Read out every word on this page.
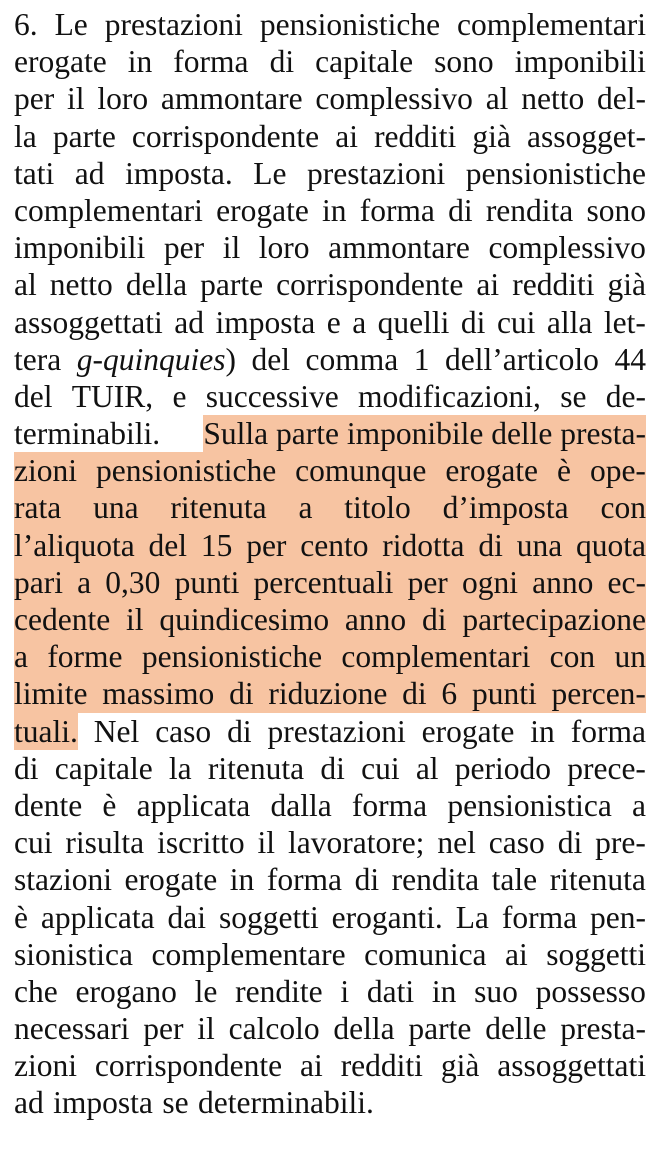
6. Le prestazioni pensionistiche complementari
erogate in forma di capitale sono imponibili
per il loro ammontare complessivo al netto del-
la parte corrispondente ai redditi già assogget-
tati ad imposta. Le prestazioni pensionistiche
complementari erogate in forma di rendita sono
imponibili per il loro ammontare complessivo
al netto della parte corrispondente ai redditi già
assoggettati ad imposta e a quelli di cui alla let-
tera g-quinquies) del comma 1 dell’articolo 44
del TUIR, e successive modificazioni, se de-
terminabili. Sulla parte imponibile delle presta-
zioni pensionistiche comunque erogate è ope-
rata una ritenuta a titolo d’imposta con
l’aliquota del 15 per cento ridotta di una quota
pari a 0,30 punti percentuali per ogni anno ec-
cedente il quindicesimo anno di partecipazione
a forme pensionistiche complementari con un
limite massimo di riduzione di 6 punti percen-
tuali. Nel caso di prestazioni erogate in forma
di capitale la ritenuta di cui al periodo prece-
dente è applicata dalla forma pensionistica a
cui risulta iscritto il lavoratore; nel caso di pre-
stazioni erogate in forma di rendita tale ritenuta
è applicata dai soggetti eroganti. La forma pen-
sionistica complementare comunica ai soggetti
che erogano le rendite i dati in suo possesso
necessari per il calcolo della parte delle presta-
zioni corrispondente ai redditi già assoggettati
ad imposta se determinabili.
